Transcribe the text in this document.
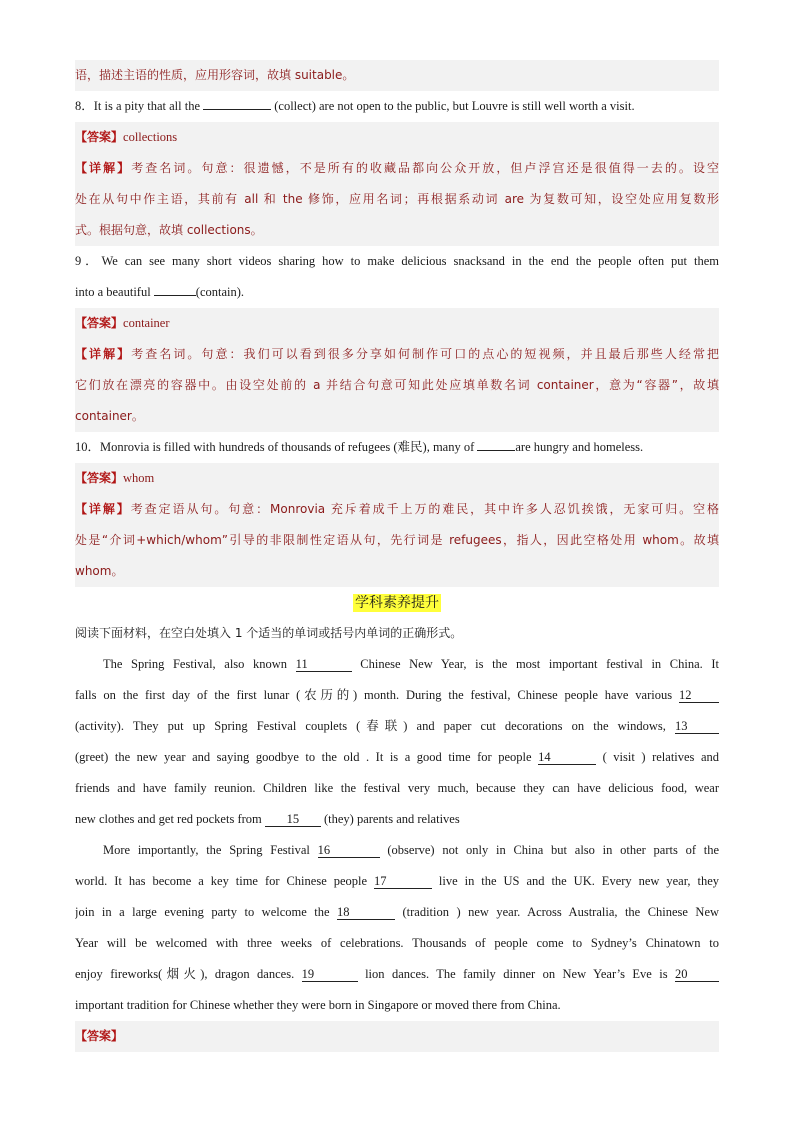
语，描述主语的性质，应用形容词，故填 suitable。
8．It is a pity that all the	(collect) are not open to the public, but Louvre is still well worth a visit.
【答案】collections
【详解】考查名词。句意：很遗憾，不是所有的收藏品都向公众开放，但卢浮宫还是很值得一去的。设空
处在从句中作主语，其前有 all 和 the 修饰，应用名词；再根据系动词 are 为复数可知，设空处应用复数形
式。根据句意，故填 collections。
9．We can see many short videos sharing how to make delicious snacksand in the end the people often put them
into a beautiful	(contain).
【答案】container
【详解】考查名词。句意：我们可以看到很多分享如何制作可口的点心的短视频，并且最后那些人经常把
它们放在漂亮的容器中。由设空处前的 a 并结合句意可知此处应填单数名词 container，意为“容器”，故填
container。
10．Monrovia is filled with hundreds of thousands of refugees (难民), many of	are hungry and homeless.
【答案】whom
【详解】考查定语从句。句意：Monrovia 充斥着成千上万的难民，其中许多人忍饥挨饿，无家可归。空格
处是“介词+which/whom”引导的非限制性定语从句，先行词是 refugees，指人，因此空格处用 whom。故填
whom。
学科素养提升
阅读下面材料，在空白处填入 1 个适当的单词或括号内单词的正确形式。
The Spring Festival, also known 11	Chinese New Year, is the most important festival in China. It
falls on the first day of the first lunar (农历的) month. During the festival, Chinese people have various 12
(activity). They put up Spring Festival couplets (春联) and paper cut decorations on the windows, 13
(greet) the new year and saying goodbye to the old . It is a good time for people 14	( visit ) relatives and
friends and have family reunion. Children like the festival very much, because they can have delicious food, wear
new clothes and get red pockets from 15 (they) parents and relatives
More importantly, the Spring Festival 16	(observe) not only in China but also in other parts of the
world. It has become a key time for Chinese people 17	live in the US and the UK. Every new year, they
join in a large evening party to welcome the 18	(tradition ) new year. Across Australia, the Chinese New
Year will be welcomed with three weeks of celebrations. Thousands of people come to Sydney’s Chinatown to
enjoy fireworks(烟火), dragon dances. 19	lion dances. The family dinner on New Year’s Eve is 20
important tradition for Chinese whether they were born in Singapore or moved there from China.
【答案】
